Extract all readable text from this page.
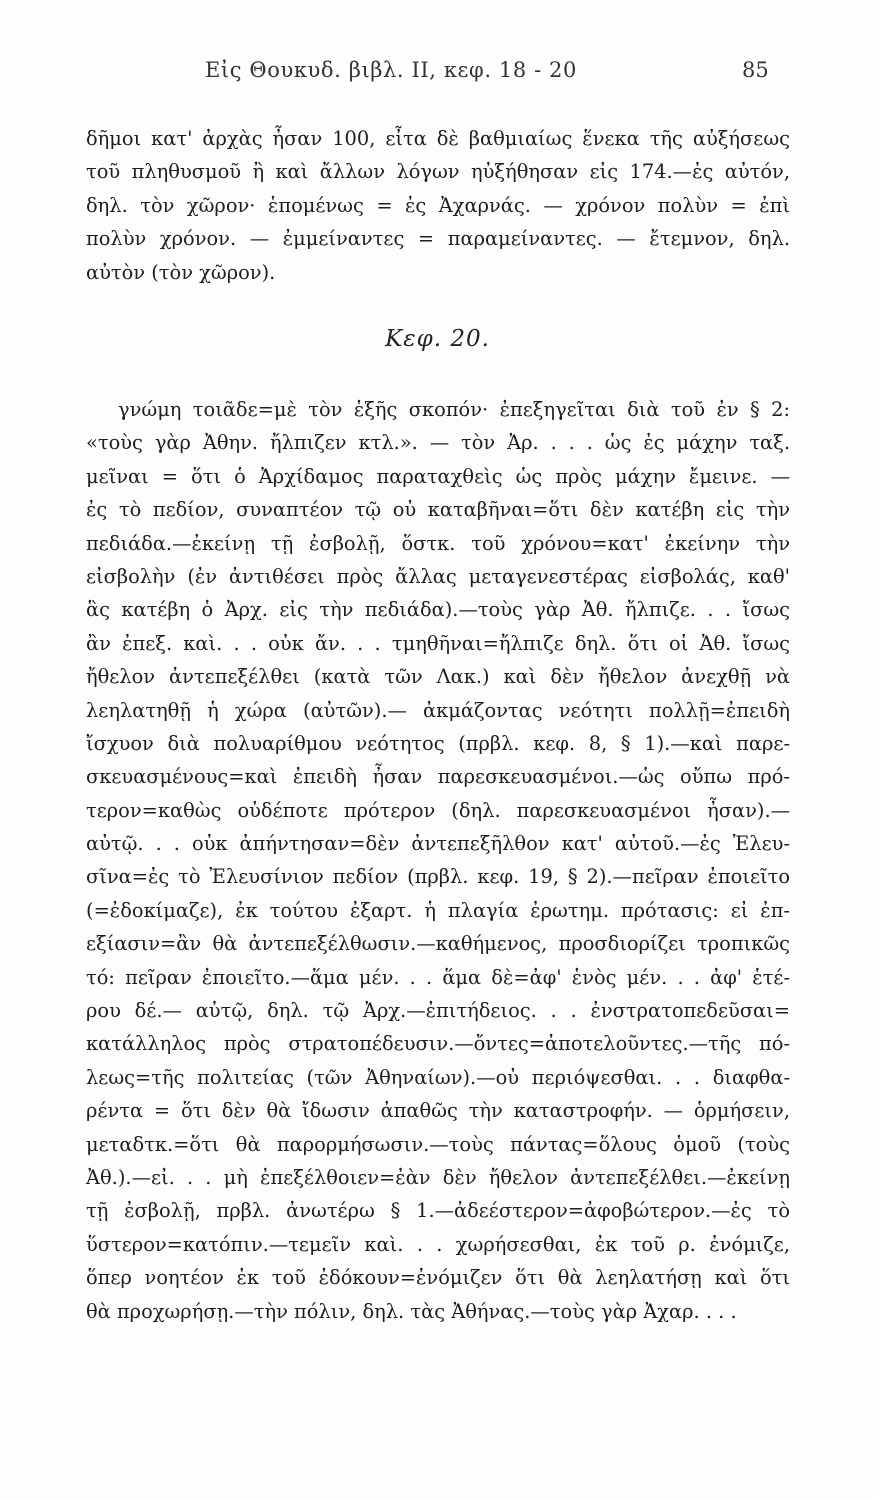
Εἰς Θουκυδ. βιβλ. II, κεφ. 18 - 20	85
δῆμοι κατ' ἀρχὰς ἦσαν 100, εἶτα δὲ βαθμιαίως ἕνεκα τῆς αὐξήσεως
τοῦ πληθυσμοῦ ἢ καὶ ἄλλων λόγων ηὐξήθησαν εἰς 174.—ἐς αὐτόν,
δηλ. τὸν χῶρον· ἑπομένως = ἐς Ἀχαρνάς. — χρόνον πολὺν = ἐπὶ
πολὺν χρόνον. — ἐμμείναντες = παραμείναντες. — ἔτεμνον, δηλ.
αὐτὸν (τὸν χῶρον).
Κεφ. 20.
γνώμη τοιᾶδε=μὲ τὸν ἑξῆς σκοπόν· ἐπεξηγεῖται διὰ τοῦ ἐν § 2:
«τοὺς γὰρ Ἀθην. ἤλπιζεν κτλ.». — τὸν Ἀρ. . . . ὡς ἐς μάχην ταξ.
μεῖναι = ὅτι ὁ Ἀρχίδαμος παραταχθεὶς ὡς πρὸς μάχην ἔμεινε. —
ἐς τὸ πεδίον, συναπτέον τῷ οὐ καταβῆναι=ὅτι δὲν κατέβη εἰς τὴν
πεδιάδα.—ἐκείνῃ τῇ ἐσβολῇ, ὅστκ. τοῦ χρόνου=κατ' ἐκείνην τὴν
εἰσβολὴν (ἐν ἀντιθέσει πρὸς ἄλλας μεταγενεστέρας εἰσβολάς, καθ'
ἃς κατέβη ὁ Ἀρχ. εἰς τὴν πεδιάδα).—τοὺς γὰρ Ἀθ. ἤλπιζε. . . ἴσως
ἂν ἐπεξ. καὶ. . . οὐκ ἄν. . . τμηθῆναι=ἤλπιζε δηλ. ὅτι οἱ Ἀθ. ἴσως
ἤθελον ἀντεπεξέλθει (κατὰ τῶν Λακ.) καὶ δὲν ἤθελον ἀνεχθῇ νὰ
λεηλατηθῇ ἡ χώρα (αὐτῶν).— ἀκμάζοντας νεότητι πολλῇ=ἐπειδὴ
ἴσχυον διὰ πολυαρίθμου νεότητος (πρβλ. κεφ. 8, § 1).—καὶ παρε-
σκευασμένους=καὶ ἐπειδὴ ἦσαν παρεσκευασμένοι.—ὡς οὔπω πρό-
τερον=καθὼς οὐδέποτε πρότερον (δηλ. παρεσκευασμένοι ἦσαν).—
αὐτῷ. . . οὐκ ἀπήντησαν=δὲν ἀντεπεξῆλθον κατ' αὐτοῦ.—ἐς Ἐλευ-
σῖνα=ἐς τὸ Ἐλευσίνιον πεδίον (πρβλ. κεφ. 19, § 2).—πεῖραν ἐποιεῖτο
(=ἐδοκίμαζε), ἐκ τούτου ἐξαρτ. ἡ πλαγία ἐρωτημ. πρότασις: εἰ ἐπ-
εξίασιν=ἂν θὰ ἀντεπεξέλθωσιν.—καθήμενος, προσδιορίζει τροπικῶς
τό: πεῖραν ἐποιεῖτο.—ἅμα μέν. . . ἅμα δὲ=ἀφ' ἑνὸς μέν. . . ἀφ' ἑτέ-
ρου δέ.— αὐτῷ, δηλ. τῷ Ἀρχ.—ἐπιτήδειος. . . ἐνστρατοπεδεῦσαι=
κατάλληλος πρὸς στρατοπέδευσιν.—ὄντες=ἀποτελοῦντες.—τῆς πό-
λεως=τῆς πολιτείας (τῶν Ἀθηναίων).—οὐ περιόψεσθαι. . . διαφθα-
ρέντα = ὅτι δὲν θὰ ἴδωσιν ἀπαθῶς τὴν καταστροφήν. — ὁρμήσειν,
μεταδτκ.=ὅτι θὰ παρορμήσωσιν.—τοὺς πάντας=ὅλους ὁμοῦ (τοὺς
Ἀθ.).—εἰ. . . μὴ ἐπεξέλθοιεν=ἐὰν δὲν ἤθελον ἀντεπεξέλθει.—ἐκείνῃ
τῇ ἐσβολῇ, πρβλ. ἀνωτέρω § 1.—ἀδεέστερον=ἀφοβώτερον.—ἐς τὸ
ὕστερον=κατόπιν.—τεμεῖν καὶ. . . χωρήσεσθαι, ἐκ τοῦ ρ. ἐνόμιζε,
ὅπερ νοητέον ἐκ τοῦ ἐδόκουν=ἐνόμιζεν ὅτι θὰ λεηλατήσῃ καὶ ὅτι
θὰ προχωρήσῃ.—τὴν πόλιν, δηλ. τὰς Ἀθήνας.—τοὺς γὰρ Ἀχαρ. . . .
